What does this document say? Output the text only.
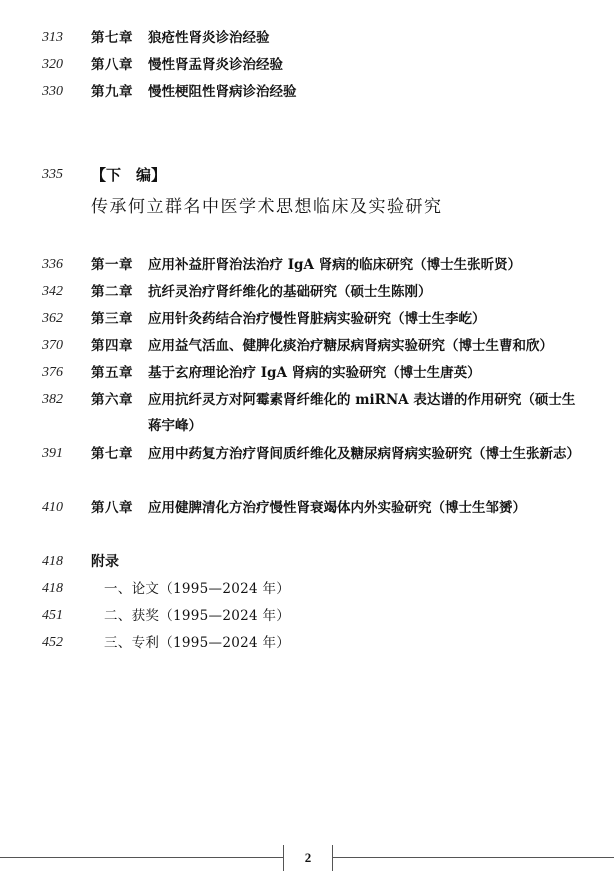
313	第七章 狼疮性肾炎诊治经验
320	第八章 慢性肾盂肾炎诊治经验
330	第九章 慢性梗阻性肾病诊治经验
335	【下　编】
传承何立群名中医学术思想临床及实验研究
336	第一章 应用补益肝肾治法治疗 IgA 肾病的临床研究（博士生张昕贤）
342	第二章 抗纤灵治疗肾纤维化的基础研究（硕士生陈刚）
362	第三章 应用针灸药结合治疗慢性肾脏病实验研究（博士生李屹）
370	第四章 应用益气活血、健脾化痰治疗糖尿病肾病实验研究（博士生曹和欣）
376	第五章 基于玄府理论治疗 IgA 肾病的实验研究（博士生唐英）
382	第六章 应用抗纤灵方对阿霉素肾纤维化的 miRNA 表达谱的作用研究（硕士生蒋宇峰）
391	第七章 应用中药复方治疗肾间质纤维化及糖尿病肾病实验研究（博士生张新志）
410	第八章 应用健脾清化方治疗慢性肾衰竭体内外实验研究（博士生邹赟）
418	附录
418	一、论文（1995—2024 年）
451	二、获奖（1995—2024 年）
452	三、专利（1995—2024 年）
2
